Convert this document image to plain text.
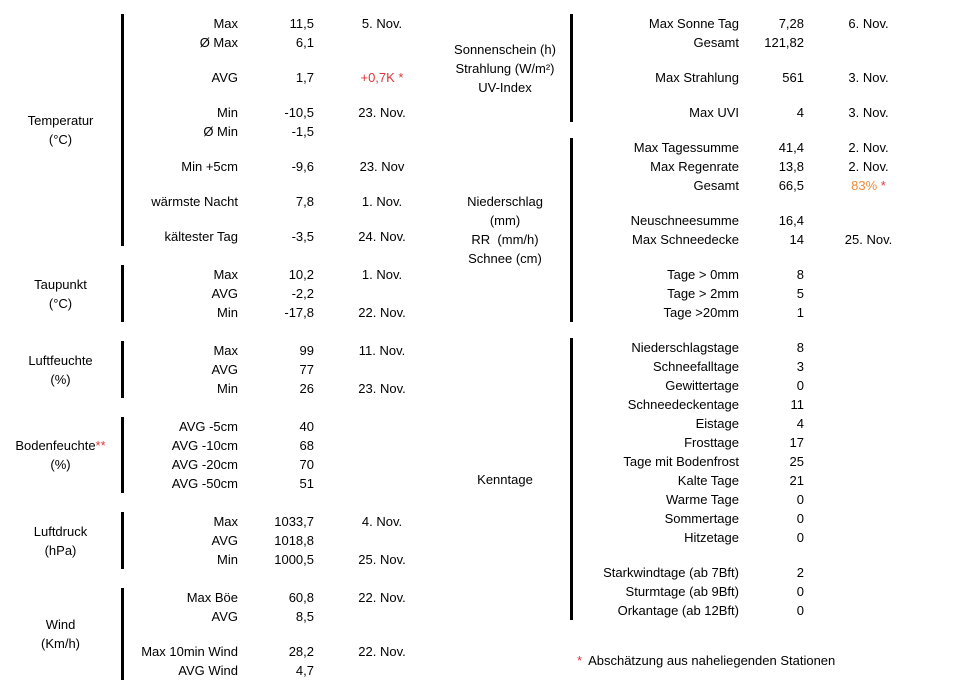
Temperatur
(°C)
Max	11,5	5. Nov.
Ø Max	6,1
AVG	1,7	+0,7K *
Min	-10,5	23. Nov.
Ø Min	-1,5
Min +5cm	-9,6	23. Nov
wärmste Nacht	7,8	1. Nov.
kältester Tag	-3,5	24. Nov.
Taupunkt
(°C)
Max	10,2	1. Nov.
AVG	-2,2
Min	-17,8	22. Nov.
Luftfeuchte
(%)
Max	99	11. Nov.
AVG	77
Min	26	23. Nov.
Bodenfeuchte**
(%)
AVG -5cm	40
AVG -10cm	68
AVG -20cm	70
AVG -50cm	51
Luftdruck
(hPa)
Max	1033,7	4. Nov.
AVG	1018,8
Min	1000,5	25. Nov.
Wind
(Km/h)
Max Böe	60,8	22. Nov.
AVG	8,5
Max 10min Wind	28,2	22. Nov.
AVG Wind	4,7
Sonnenschein (h)
Strahlung (W/m²)
UV-Index
Max Sonne Tag	7,28	6. Nov.
Gesamt	121,82
Max Strahlung	561	3. Nov.
Max UVI	4	3. Nov.
Niederschlag
(mm)
RR  (mm/h)
Schnee (cm)
Max Tagessumme	41,4	2. Nov.
Max Regenrate	13,8	2. Nov.
Gesamt	66,5	83% *
Neuschneesumme	16,4
Max Schneedecke	14	25. Nov.
Tage > 0mm	8
Tage > 2mm	5
Tage >20mm	1
Kenntage
Niederschlagstage	8
Schneefalltage	3
Gewittertage	0
Schneedeckentage	11
Eistage	4
Frosttage	17
Tage mit Bodenfrost	25
Kalte Tage	21
Warme Tage	0
Sommertage	0
Hitzetage	0
Starkwindtage (ab 7Bft)	2
Sturmtage (ab 9Bft)	0
Orkantage (ab 12Bft)	0
* Abschätzung aus naheliegenden Stationen
